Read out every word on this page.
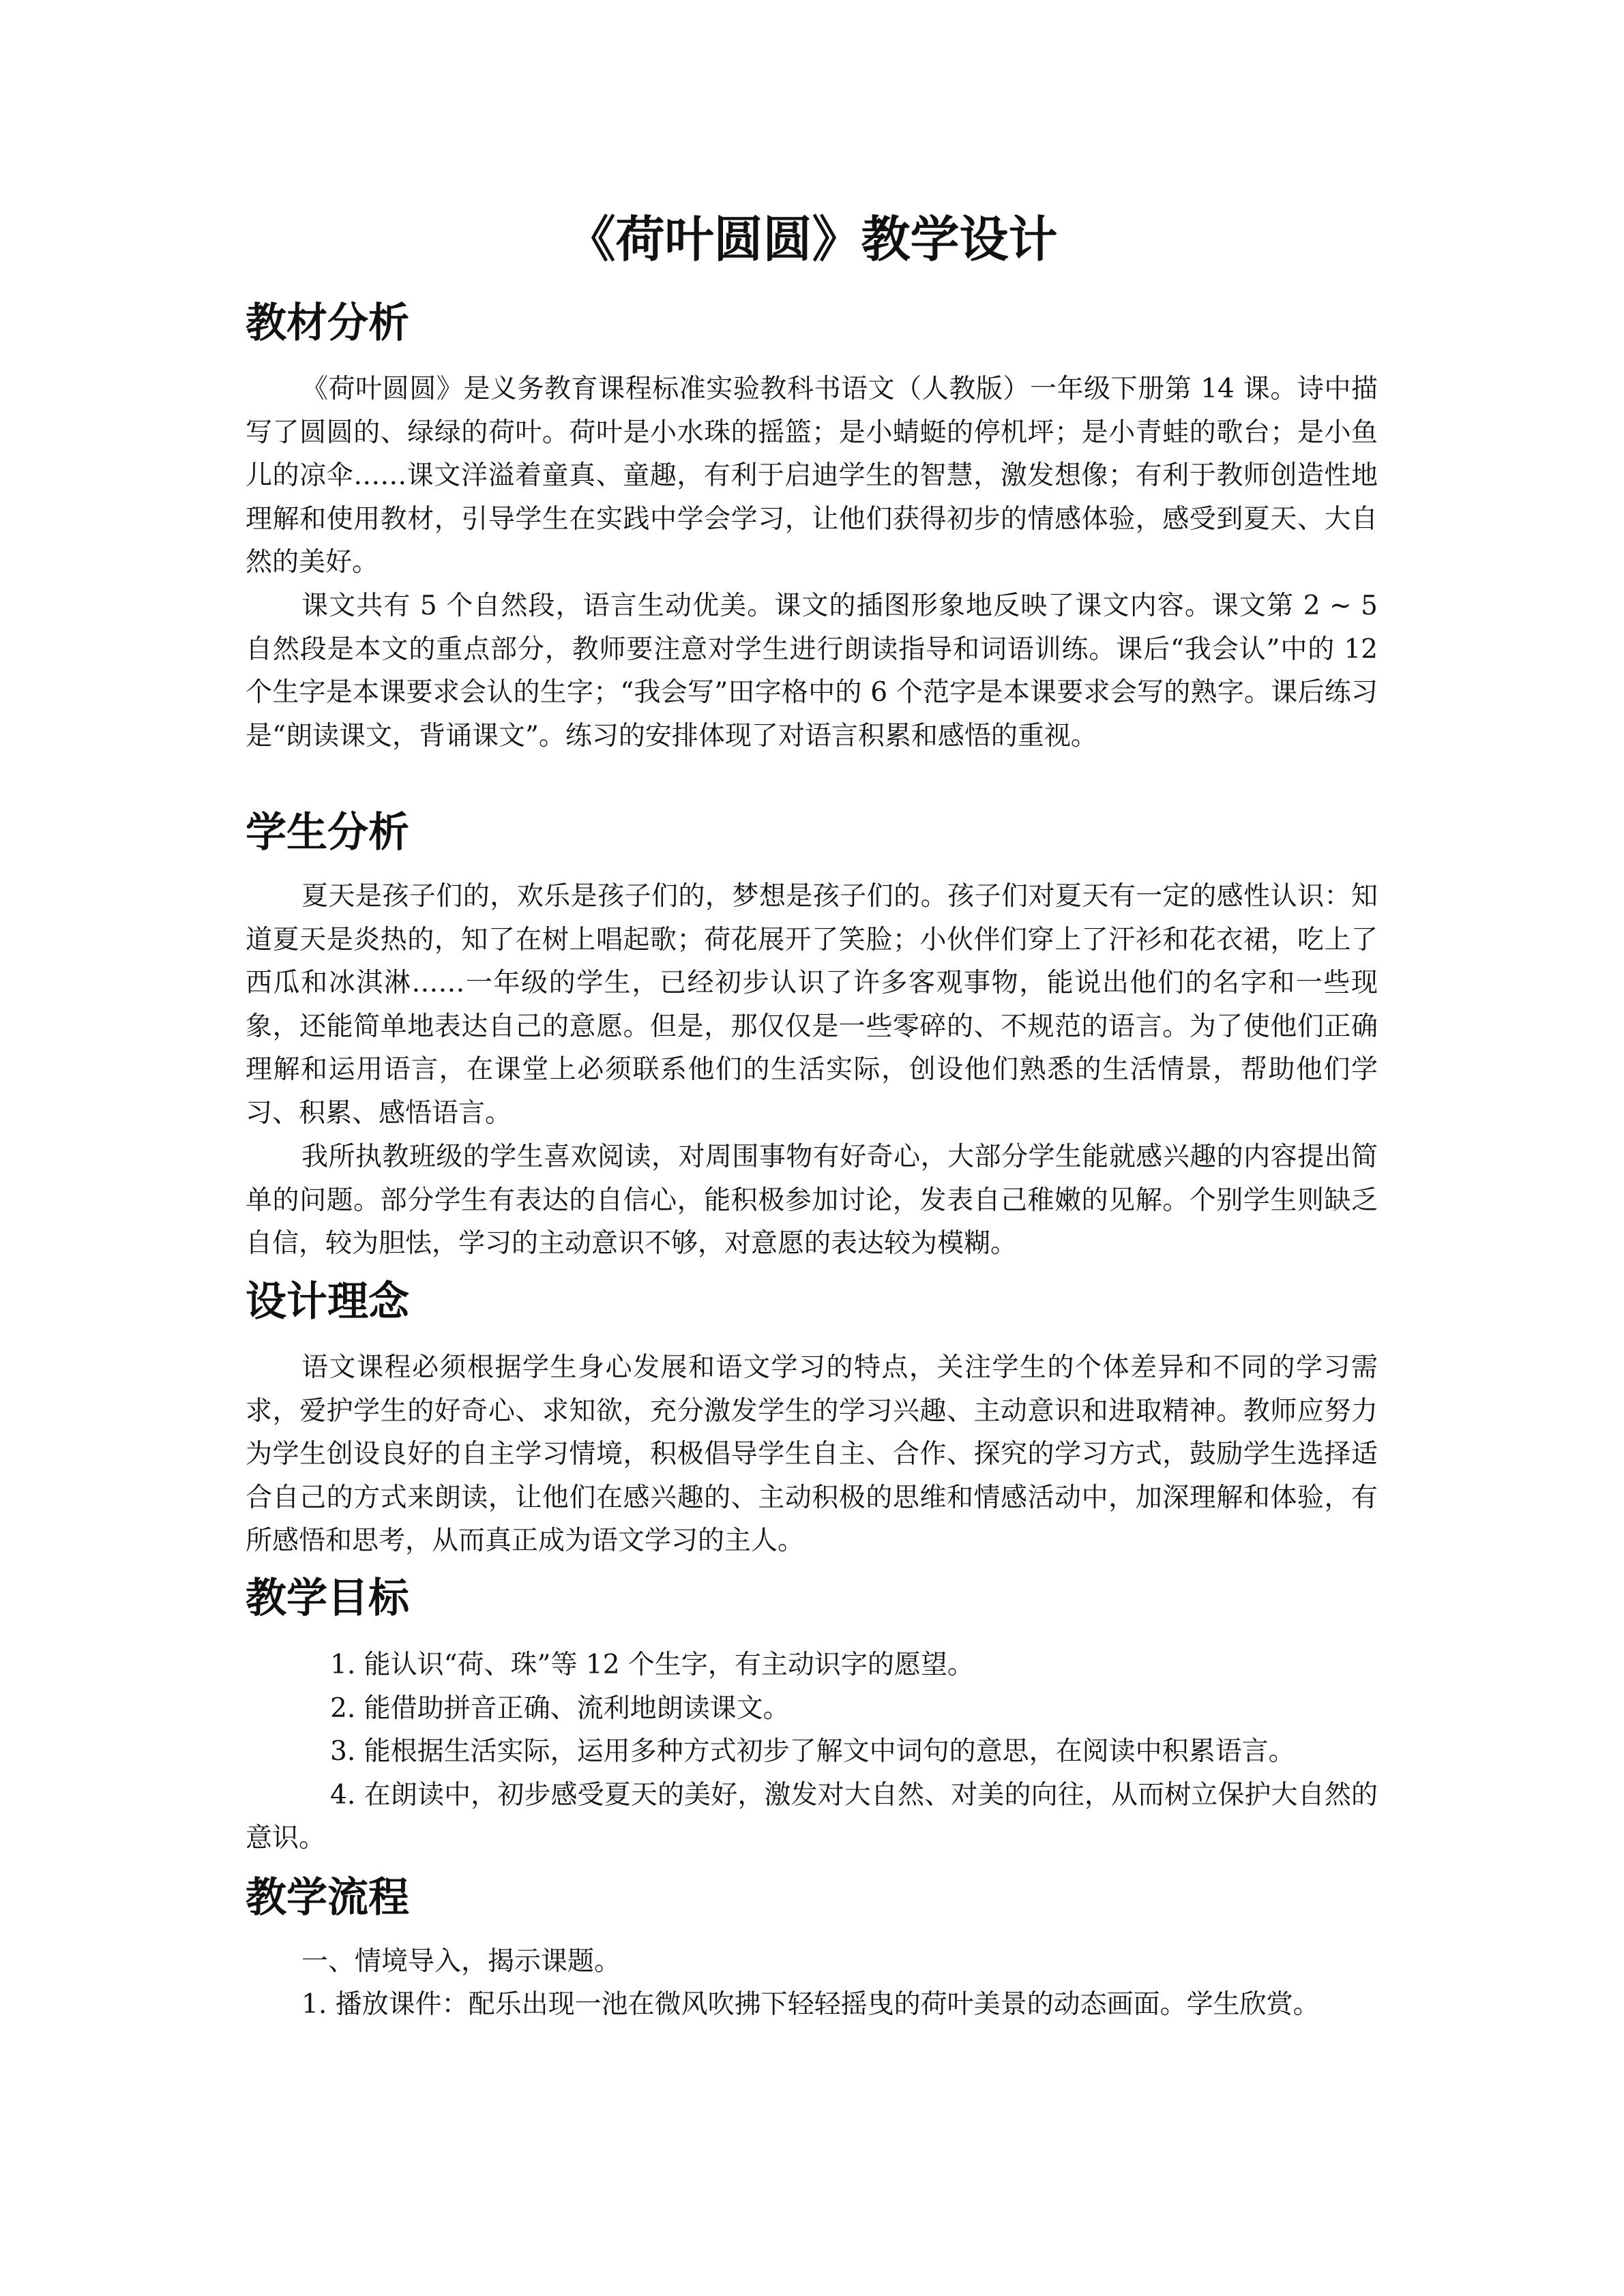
《荷叶圆圆》教学设计
教材分析

《荷叶圆圆》是义务教育课程标准实验教科书语文（人教版）一年级下册第 14 课。诗中描写了圆圆的、绿绿的荷叶。荷叶是小水珠的摇篮；是小蜻蜓的停机坪；是小青蛙的歌台；是小鱼儿的凉伞……课文洋溢着童真、童趣，有利于启迪学生的智慧，激发想像；有利于教师创造性地理解和使用教材，引导学生在实践中学会学习，让他们获得初步的情感体验，感受到夏天、大自然的美好。

课文共有 5 个自然段，语言生动优美。课文的插图形象地反映了课文内容。课文第 2 ~ 5 自然段是本文的重点部分，教师要注意对学生进行朗读指导和词语训练。课后“我会认”中的 12 个生字是本课要求会认的生字；“我会写”田字格中的 6 个范字是本课要求会写的熟字。课后练习是“朗读课文，背诵课文”。练习的安排体现了对语言积累和感悟的重视。

学生分析

夏天是孩子们的，欢乐是孩子们的，梦想是孩子们的。孩子们对夏天有一定的感性认识：知道夏天是炎热的，知了在树上唱起歌；荷花展开了笑脸；小伙伴们穿上了汗衫和花衣裙，吃上了西瓜和冰淇淋……一年级的学生，已经初步认识了许多客观事物，能说出他们的名字和一些现象，还能简单地表达自己的意愿。但是，那仅仅是一些零碎的、不规范的语言。为了使他们正确理解和运用语言，在课堂上必须联系他们的生活实际，创设他们熟悉的生活情景，帮助他们学习、积累、感悟语言。

我所执教班级的学生喜欢阅读，对周围事物有好奇心，大部分学生能就感兴趣的内容提出简单的问题。部分学生有表达的自信心，能积极参加讨论，发表自己稚嫩的见解。个别学生则缺乏自信，较为胆怯，学习的主动意识不够，对意愿的表达较为模糊。

设计理念

语文课程必须根据学生身心发展和语文学习的特点，关注学生的个体差异和不同的学习需求，爱护学生的好奇心、求知欲，充分激发学生的学习兴趣、主动意识和进取精神。教师应努力为学生创设良好的自主学习情境，积极倡导学生自主、合作、探究的学习方式，鼓励学生选择适合自己的方式来朗读，让他们在感兴趣的、主动积极的思维和情感活动中，加深理解和体验，有所感悟和思考，从而真正成为语文学习的主人。

教学目标
1. 能认识“荷、珠”等 12 个生字，有主动识字的愿望。
2. 能借助拼音正确、流利地朗读课文。
3. 能根据生活实际，运用多种方式初步了解文中词句的意思，在阅读中积累语言。
4. 在朗读中，初步感受夏天的美好，激发对大自然、对美的向往，从而树立保护大自然的意识。
教学流程

一、情境导入，揭示课题。

1. 播放课件：配乐出现一池在微风吹拂下轻轻摇曳的荷叶美景的动态画面。学生欣赏。
